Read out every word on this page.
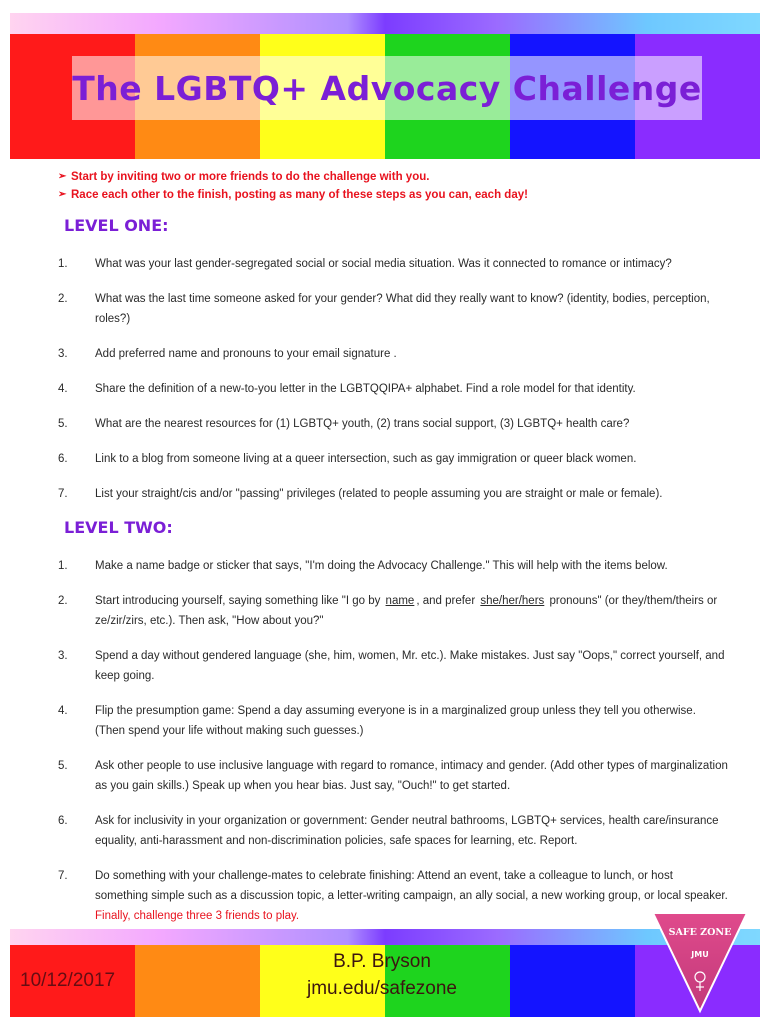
The LGBTQ+ Advocacy Challenge
➢ Start by inviting two or more friends to do the challenge with you.
➢ Race each other to the finish, posting as many of these steps as you can, each day!
LEVEL ONE:
1.	What was your last gender-segregated social or social media situation. Was it connected to romance or intimacy?
2.	What was the last time someone asked for your gender? What did they really want to know? (identity, bodies, perception, roles?)
3.	Add preferred name and pronouns to your email signature .
4.	Share the definition of a new-to-you letter in the LGBTQQIPA+ alphabet. Find a role model for that identity.
5.	What are the nearest resources for (1) LGBTQ+ youth, (2) trans social support, (3) LGBTQ+ health care?
6.	Link to a blog from someone living at a queer intersection, such as gay immigration or queer black women.
7.	List your straight/cis and/or "passing" privileges (related to people assuming you are straight or male or female).
LEVEL TWO:
1.	Make a name badge or sticker that says, "I'm doing the Advocacy Challenge." This will help with the items below.
2.	Start introducing yourself, saying something like "I go by name , and prefer she/her/hers pronouns" (or they/them/theirs or ze/zir/zirs, etc.). Then ask, "How about you?"
3.	Spend a day without gendered language (she, him, women, Mr. etc.). Make mistakes. Just say "Oops," correct yourself, and keep going.
4.	Flip the presumption game: Spend a day assuming everyone is in a marginalized group unless they tell you otherwise. (Then spend your life without making such guesses.)
5.	Ask other people to use inclusive language with regard to romance, intimacy and gender. (Add other types of marginalization as you gain skills.) Speak up when you hear bias. Just say, "Ouch!" to get started.
6.	Ask for inclusivity in your organization or government: Gender neutral bathrooms, LGBTQ+ services, health care/insurance equality, anti-harassment and non-discrimination policies, safe spaces for learning, etc. Report.
7.	Do something with your challenge-mates to celebrate finishing: Attend an event, take a colleague to lunch, or host something simple such as a discussion topic, a letter-writing campaign, an ally social, a new working group, or local speaker. Finally, challenge three 3 friends to play.
10/12/2017
B.P. Bryson
jmu.edu/safezone
SAFE ZONE
JMU
